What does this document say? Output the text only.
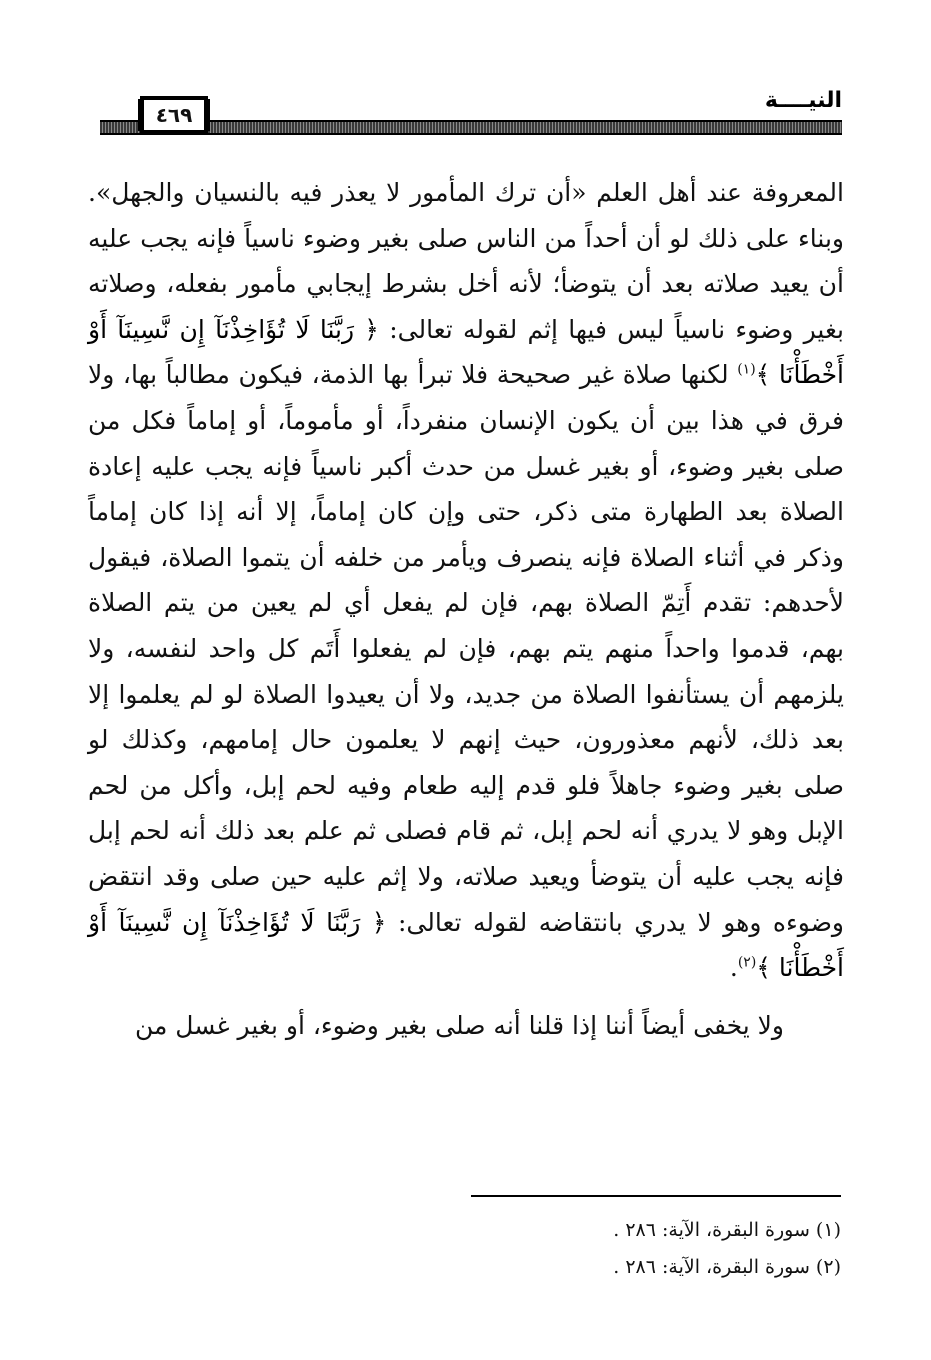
النيــــة
٤٦٩

المعروفة عند أهل العلم «أن ترك المأمور لا يعذر فيه بالنسيان والجهل». وبناء على ذلك لو أن أحداً من الناس صلى بغير وضوء ناسياً فإنه يجب عليه أن يعيد صلاته بعد أن يتوضأ؛ لأنه أخل بشرط إيجابي مأمور بفعله، وصلاته بغير وضوء ناسياً ليس فيها إثم لقوله تعالى: ﴿ رَبَّنَا لَا تُؤَاخِذْنَآ إِن نَّسِينَآ أَوْ أَخْطَأْنَا ﴾$^{(١)}$ لكنها صلاة غير صحيحة فلا تبرأ بها الذمة، فيكون مطالباً بها، ولا فرق في هذا بين أن يكون الإنسان منفرداً، أو مأموماً، أو إماماً فكل من صلى بغير وضوء، أو بغير غسل من حدث أكبر ناسياً فإنه يجب عليه إعادة الصلاة بعد الطهارة متى ذكر، حتى وإن كان إماماً، إلا أنه إذا كان إماماً وذكر في أثناء الصلاة فإنه ينصرف ويأمر من خلفه أن يتموا الصلاة، فيقول لأحدهم: تقدم أَتِمّ الصلاة بهم، فإن لم يفعل أي لم يعين من يتم الصلاة بهم، قدموا واحداً منهم يتم بهم، فإن لم يفعلوا أَتَم كل واحد لنفسه، ولا يلزمهم أن يستأنفوا الصلاة من جديد، ولا أن يعيدوا الصلاة لو لم يعلموا إلا بعد ذلك، لأنهم معذورون، حيث إنهم لا يعلمون حال إمامهم، وكذلك لو صلى بغير وضوء جاهلاً فلو قدم إليه طعام وفيه لحم إبل، وأكل من لحم الإبل وهو لا يدري أنه لحم إبل، ثم قام فصلى ثم علم بعد ذلك أنه لحم إبل فإنه يجب عليه أن يتوضأ ويعيد صلاته، ولا إثم عليه حين صلى وقد انتقض وضوءه وهو لا يدري بانتقاضه لقوله تعالى: ﴿ رَبَّنَا لَا تُؤَاخِذْنَآ إِن نَّسِينَآ أَوْ أَخْطَأْنَا ﴾$^{(٢)}$.

ولا يخفى أيضاً أننا إذا قلنا أنه صلى بغير وضوء، أو بغير غسل من

(١) سورة البقرة، الآية: ٢٨٦ .
(٢) سورة البقرة، الآية: ٢٨٦ .
